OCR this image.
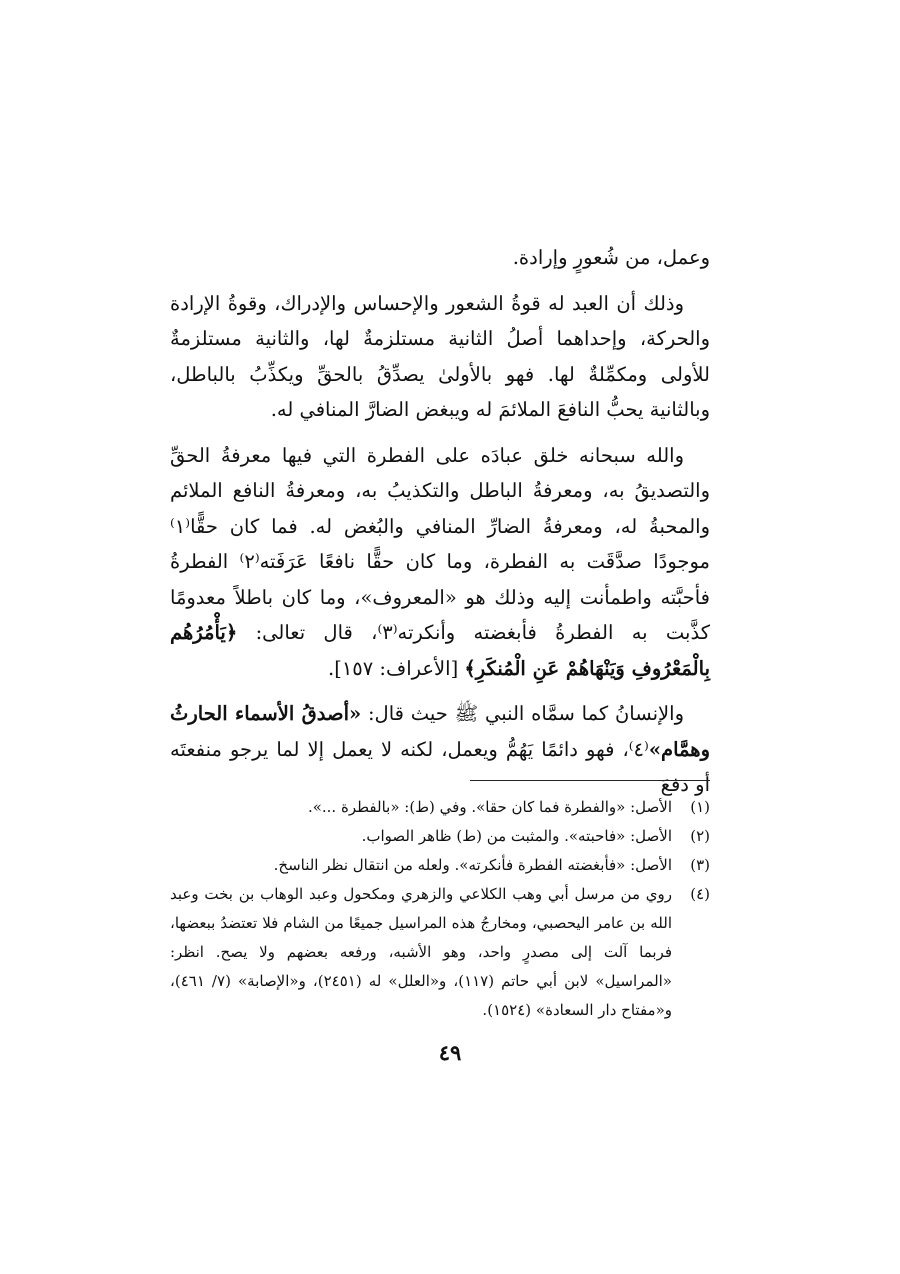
وعمل، من شُعورٍ وإرادة.

وذلك أن العبد له قوةُ الشعور والإحساس والإدراك، وقوةُ الإرادة والحركة، وإحداهما أصلُ الثانية مستلزمةٌ لها، والثانية مستلزمةٌ للأولى ومكمِّلةٌ لها. فهو بالأولىٰ يصدِّقُ بالحقِّ ويكذِّبُ بالباطل، وبالثانية يحبُّ النافعَ الملائمَ له ويبغض الضارَّ المنافي له.

والله سبحانه خلق عبادَه على الفطرة التي فيها معرفةُ الحقِّ والتصديقُ به، ومعرفةُ الباطل والتكذيبُ به، ومعرفةُ النافع الملائم والمحبةُ له، ومعرفةُ الضارِّ المنافي والبُغض له. فما كان حقًّا⁽١⁾ موجودًا صدَّقَت به الفطرة، وما كان حقًّا نافعًا عَرَفَته⁽٢⁾ الفطرةُ فأحبَّته واطمأنت إليه وذلك هو «المعروف»، وما كان باطلاً معدومًا كذَّبت به الفطرةُ فأبغضته وأنكرته⁽٣⁾، قال تعالى: ﴿يَأْمُرُهُم بِالْمَعْرُوفِ وَيَنْهَاهُمْ عَنِ الْمُنكَرِ﴾ [الأعراف: ١٥٧].

والإنسانُ كما سمَّاه النبي ﷺ حيث قال: «أصدقُ الأسماء الحارثُ وهمَّام»⁽٤⁾، فهو دائمًا يَهُمُّ ويعمل، لكنه لا يعمل إلا لما يرجو منفعتَه أو دفعَ

(١)
الأصل: «والفطرة فما كان حقا». وفي (ط): «بالفطرة ...».
(٢)
الأصل: «فاحبته». والمثبت من (ط) ظاهر الصواب.
(٣)
الأصل: «فأبغضته الفطرة فأنكرته». ولعله من انتقال نظر الناسخ.
(٤)
روي من مرسل أبي وهب الكلاعي والزهري ومكحول وعبد الوهاب بن بخت وعبد الله بن عامر اليحصبي، ومخارجُ هذه المراسيل جميعًا من الشام فلا تعتضدُ ببعضها، فربما آلت إلى مصدرٍ واحد، وهو الأشبه، ورفعه بعضهم ولا يصح. انظر: «المراسيل» لابن أبي حاتم (١١٧)، و«العلل» له (٢٤٥١)، و«الإصابة» (٧/ ٤٦١)، و«مفتاح دار السعادة» (١٥٢٤).
٤٩
